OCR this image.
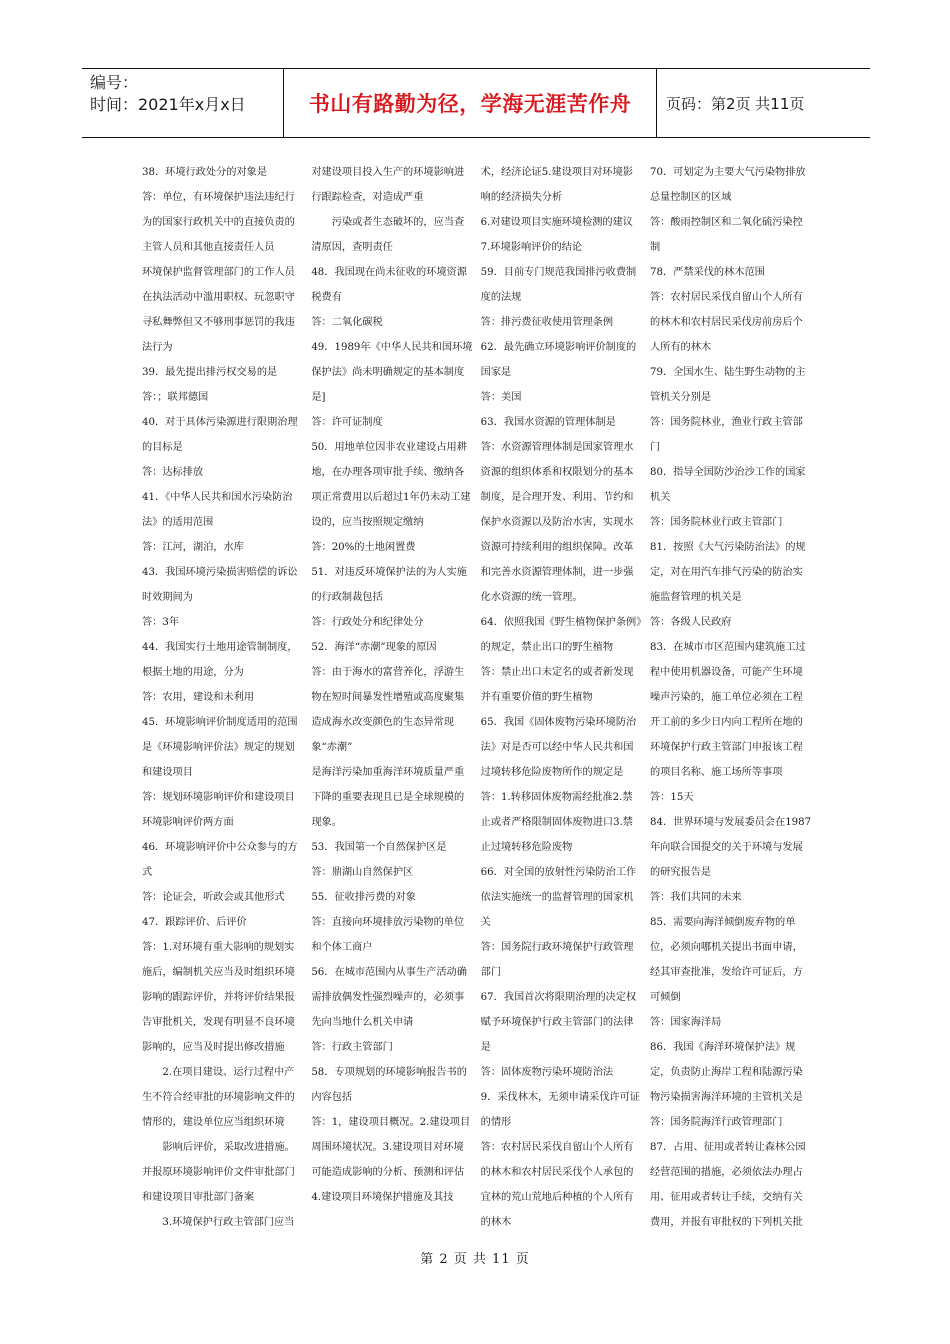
编号：
时间：2021年x月x日	书山有路勤为径，学海无涯苦作舟	页码：第2页 共11页

38．环境行政处分的对象是

答：单位，有环境保护违法违纪行为的国家行政机关中的直接负责的主管人员和其他直接责任人员

环境保护监督管理部门的工作人员在执法活动中滥用职权、玩忽职守寻私舞弊但又不够刑事惩罚的我违法行为

39．最先提出排污权交易的是

答：；联邦德国

40．对于具体污染源进行限期治理的目标是

答：达标排放

41．《中华人民共和国水污染防治法》的适用范围

答：江河，湖泊，水库

43．我国环境污染损害赔偿的诉讼时效期间为

答：3年

44．我国实行土地用途管制制度，根据土地的用途，分为

答：农用，建设和未利用

45．环境影响评价制度适用的范围是《环境影响评价法》规定的规划和建设项目

答：规划环境影响评价和建设项目环境影响评价两方面

46．环境影响评价中公众参与的方式

答：论证会，听政会或其他形式

47．跟踪评价、后评价

答：1.对环境有重大影响的规划实施后，编制机关应当及时组织环境影响的跟踪评价，并将评价结果报告审批机关，发现有明显不良环境影响的，应当及时提出修改措施

2.在项目建设、运行过程中产生不符合经审批的环境影响文件的情形的，建设单位应当组织环境

影响后评价，采取改进措施。并报原环境影响评价文件审批部门和建设项目审批部门备案

3.环境保护行政主管部门应当

对建设项目投入生产的环境影响进行跟踪检查，对造成严重

污染或者生态破坏的，应当查清原因，查明责任

48．我国现在尚未征收的环境资源税费有

答：二氧化碳税

49．1989年《中华人民共和国环境保护法》尚未明确规定的基本制度是]

答：许可证制度

50．用地单位因非农业建设占用耕地，在办理各项审批手续、缴纳各项正常费用以后超过1年仍未动工建设的，应当按照规定缴纳

答：20%的土地闲置费

51．对违反环境保护法的为人实施的行政制裁包括

答：行政处分和纪律处分

52．海洋“赤潮”现象的原因

答：由于海水的富营养化，浮游生物在短时间暴发性增殖或高度聚集造成海水改变颜色的生态异常现象“赤潮”

是海洋污染加重海洋环境质量严重下降的重要表现且已是全球规模的现象。

53．我国第一个自然保护区是

答：鼎湖山自然保护区

55．征收排污费的对象

答：直接向环境排放污染物的单位和个体工商户

56．在城市范围内从事生产活动确需排放偶发性强烈噪声的，必须事先向当地什么机关申请

答：行政主管部门

58．专项规划的环境影响报告书的内容包括

答：1，建设项目概况。2.建设项目周围环境状况。3.建设项目对环境可能造成影响的分析、预测和评估

4.建设项目环境保护措施及其技

术，经济论证5.建设项目对环境影响的经济损失分析

6.对建设项目实施环境检测的建议7.环境影响评价的结论

59．目前专门规范我国排污收费制度的法规

答：排污费征收使用管理条例

62．最先确立环境影响评价制度的国家是

答：美国

63．我国水资源的管理体制是

答：水资源管理体制是国家管理水资源的组织体系和权限划分的基本制度，是合理开发、利用、节约和保护水资源以及防治水害，实现水资源可持续利用的组织保障。改革和完善水资源管理体制，进一步强化水资源的统一管理。

64．依照我国《野生植物保护条例》的规定，禁止出口的野生植物

答：禁止出口未定名的或者新发现并有重要价值的野生植物

65．我国《固体废物污染环境防治法》对是否可以经中华人民共和国过境转移危险废物所作的规定是

答：1.转移固体废物需经批准2.禁止或者严格限制固体废物进口3.禁止过境转移危险废物

66．对全国的放射性污染防治工作依法实施统一的监督管理的国家机关

答：国务院行政环境保护行政管理部门

67．我国首次将限期治理的决定权赋予环境保护行政主管部门的法律是

答：固体废物污染环境防治法

9．采伐林木，无须申请采伐许可证的情形

答：农村居民采伐自留山个人所有的林木和农村居民采伐个人承包的宜林的荒山荒地后种植的个人所有的林木

70．可划定为主要大气污染物排放总量控制区的区域

答：酸雨控制区和二氧化硫污染控制

78．严禁采伐的林木范围

答：农村居民采伐自留山个人所有的林木和农村居民采伐房前房后个人所有的林木

79．全国水生、陆生野生动物的主管机关分别是

答：国务院林业，渔业行政主管部门

80．指导全国防沙治沙工作的国家机关

答：国务院林业行政主管部门

81．按照《大气污染防治法》的规定，对在用汽车排气污染的防治实施监督管理的机关是

答：各级人民政府

83．在城市市区范围内建筑施工过程中使用机器设备，可能产生环境噪声污染的，施工单位必须在工程开工前的多少日内向工程所在地的环境保护行政主管部门申报该工程的项目名称、施工场所等事项

答：15天

84．世界环境与发展委员会在1987年向联合国提交的关于环境与发展的研究报告是

答：我们共同的未来

85．需要向海洋倾倒废弃物的单位，必须向哪机关提出书面申请，经其审查批准，发给许可证后，方可倾倒

答：国家海洋局

86．我国《海洋环境保护法》规定，负责防止海岸工程和陆源污染物污染损害海洋环境的主管机关是

答：国务院海洋行政管理部门

87．占用、征用或者转让森林公园经营范围的措施，必须依法办理占用、征用或者转让手续，交纳有关费用，并报有审批权的下列机关批

第 2 页 共 11 页
